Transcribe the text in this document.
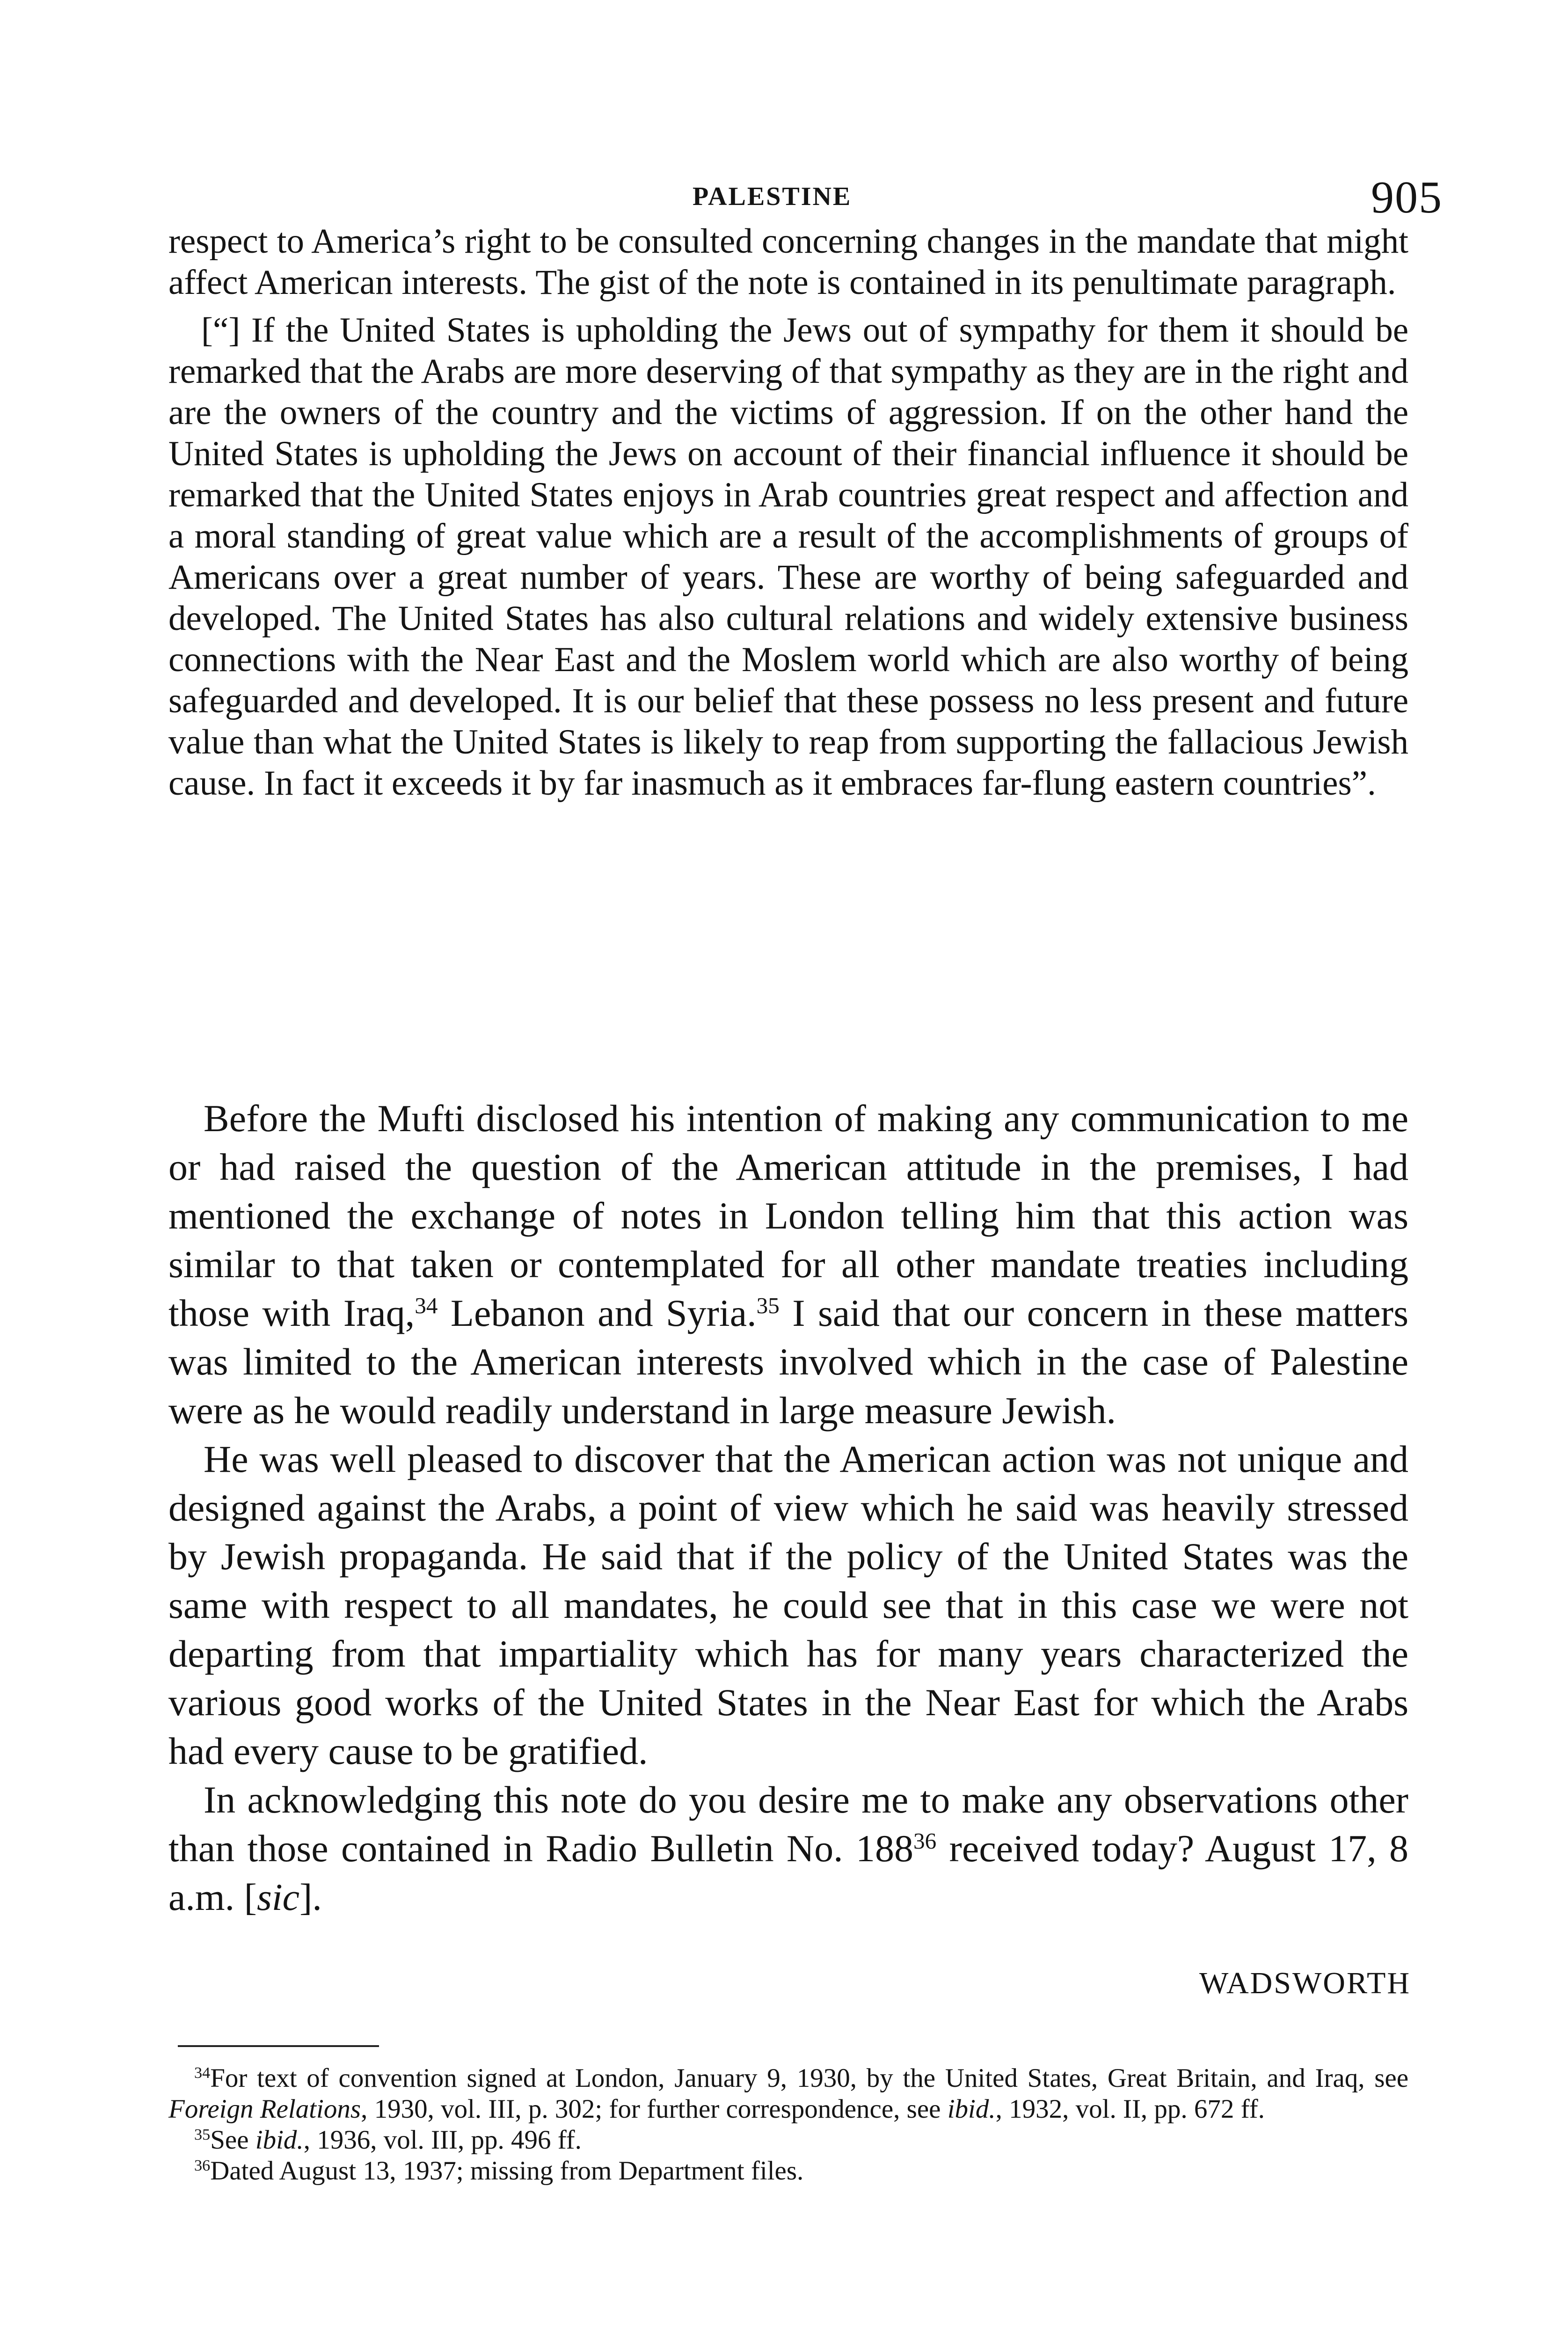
PALESTINE	905

respect to America’s right to be consulted concerning changes in the mandate that might affect American interests. The gist of the note is contained in its penultimate paragraph.

[“] If the United States is upholding the Jews out of sympathy for them it should be remarked that the Arabs are more deserving of that sympathy as they are in the right and are the owners of the country and the victims of aggression. If on the other hand the United States is upholding the Jews on account of their financial influence it should be remarked that the United States enjoys in Arab countries great respect and affection and a moral standing of great value which are a result of the accomplishments of groups of Americans over a great number of years. These are worthy of being safeguarded and developed. The United States has also cultural relations and widely extensive business connections with the Near East and the Moslem world which are also worthy of being safeguarded and developed. It is our belief that these possess no less present and future value than what the United States is likely to reap from supporting the fallacious Jewish cause. In fact it exceeds it by far inasmuch as it embraces far-flung eastern countries”.

Before the Mufti disclosed his intention of making any communication to me or had raised the question of the American attitude in the premises, I had mentioned the exchange of notes in London telling him that this action was similar to that taken or contemplated for all other mandate treaties including those with Iraq,$^{34}$ Lebanon and Syria.$^{35}$ I said that our concern in these matters was limited to the American interests involved which in the case of Palestine were as he would readily understand in large measure Jewish.

He was well pleased to discover that the American action was not unique and designed against the Arabs, a point of view which he said was heavily stressed by Jewish propaganda. He said that if the policy of the United States was the same with respect to all mandates, he could see that in this case we were not departing from that impartiality which has for many years characterized the various good works of the United States in the Near East for which the Arabs had every cause to be gratified.

In acknowledging this note do you desire me to make any observations other than those contained in Radio Bulletin No. $188^{36}$ received today? August 17, 8 a.m. [sic].

WADSWORTH

$^{34}$For text of convention signed at London, January 9, 1930, by the United States, Great Britain, and Iraq, see Foreign Relations, 1930, vol. III, p. 302; for further correspondence, see ibid., 1932, vol. II, pp. 672 ff.

$^{35}$See ibid., 1936, vol. III, pp. 496 ff.

$^{36}$Dated August 13, 1937; missing from Department files.
